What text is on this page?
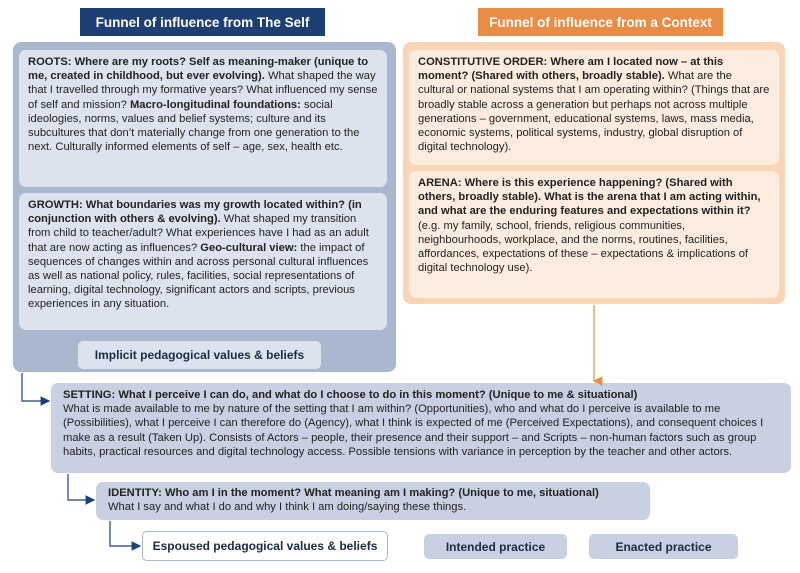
Funnel of influence from The Self	Funnel of influence from a Context
ROOTS: Where are my roots? Self as meaning-maker (unique to me, created in childhood, but ever evolving). What shaped the way that I travelled through my formative years? What influenced my sense of self and mission? Macro-longitudinal foundations: social ideologies, norms, values and belief systems; culture and its subcultures that don’t materially change from one generation to the next. Culturally informed elements of self – age, sex, health etc.
GROWTH: What boundaries was my growth located within? (in conjunction with others & evolving). What shaped my transition from child to teacher/adult? What experiences have I had as an adult that are now acting as influences? Geo-cultural view: the impact of sequences of changes within and across personal cultural influences as well as national policy, rules, facilities, social representations of learning, digital technology, significant actors and scripts, previous experiences in any situation.
CONSTITUTIVE ORDER: Where am I located now – at this moment? (Shared with others, broadly stable). What are the cultural or national systems that I am operating within? (Things that are broadly stable across a generation but perhaps not across multiple generations – government, educational systems, laws, mass media, economic systems, political systems, industry, global disruption of digital technology).
ARENA: Where is this experience happening? (Shared with others, broadly stable). What is the arena that I am acting within, and what are the enduring features and expectations within it? (e.g. my family, school, friends, religious communities, neighbourhoods, workplace, and the norms, routines, facilities, affordances, expectations of these – expectations & implications of digital technology use).
Implicit pedagogical values & beliefs
SETTING: What I perceive I can do, and what do I choose to do in this moment? (Unique to me & situational)
What is made available to me by nature of the setting that I am within? (Opportunities), who and what do I perceive is available to me (Possibilities), what I perceive I can therefore do (Agency), what I think is expected of me (Perceived Expectations), and consequent choices I make as a result (Taken Up). Consists of Actors – people, their presence and their support – and Scripts – non-human factors such as group habits, practical resources and digital technology access. Possible tensions with variance in perception by the teacher and other actors.
IDENTITY: Who am I in the moment? What meaning am I making? (Unique to me, situational)
What I say and what I do and why I think I am doing/saying these things.
Espoused pedagogical values & beliefs	Intended practice	Enacted practice
